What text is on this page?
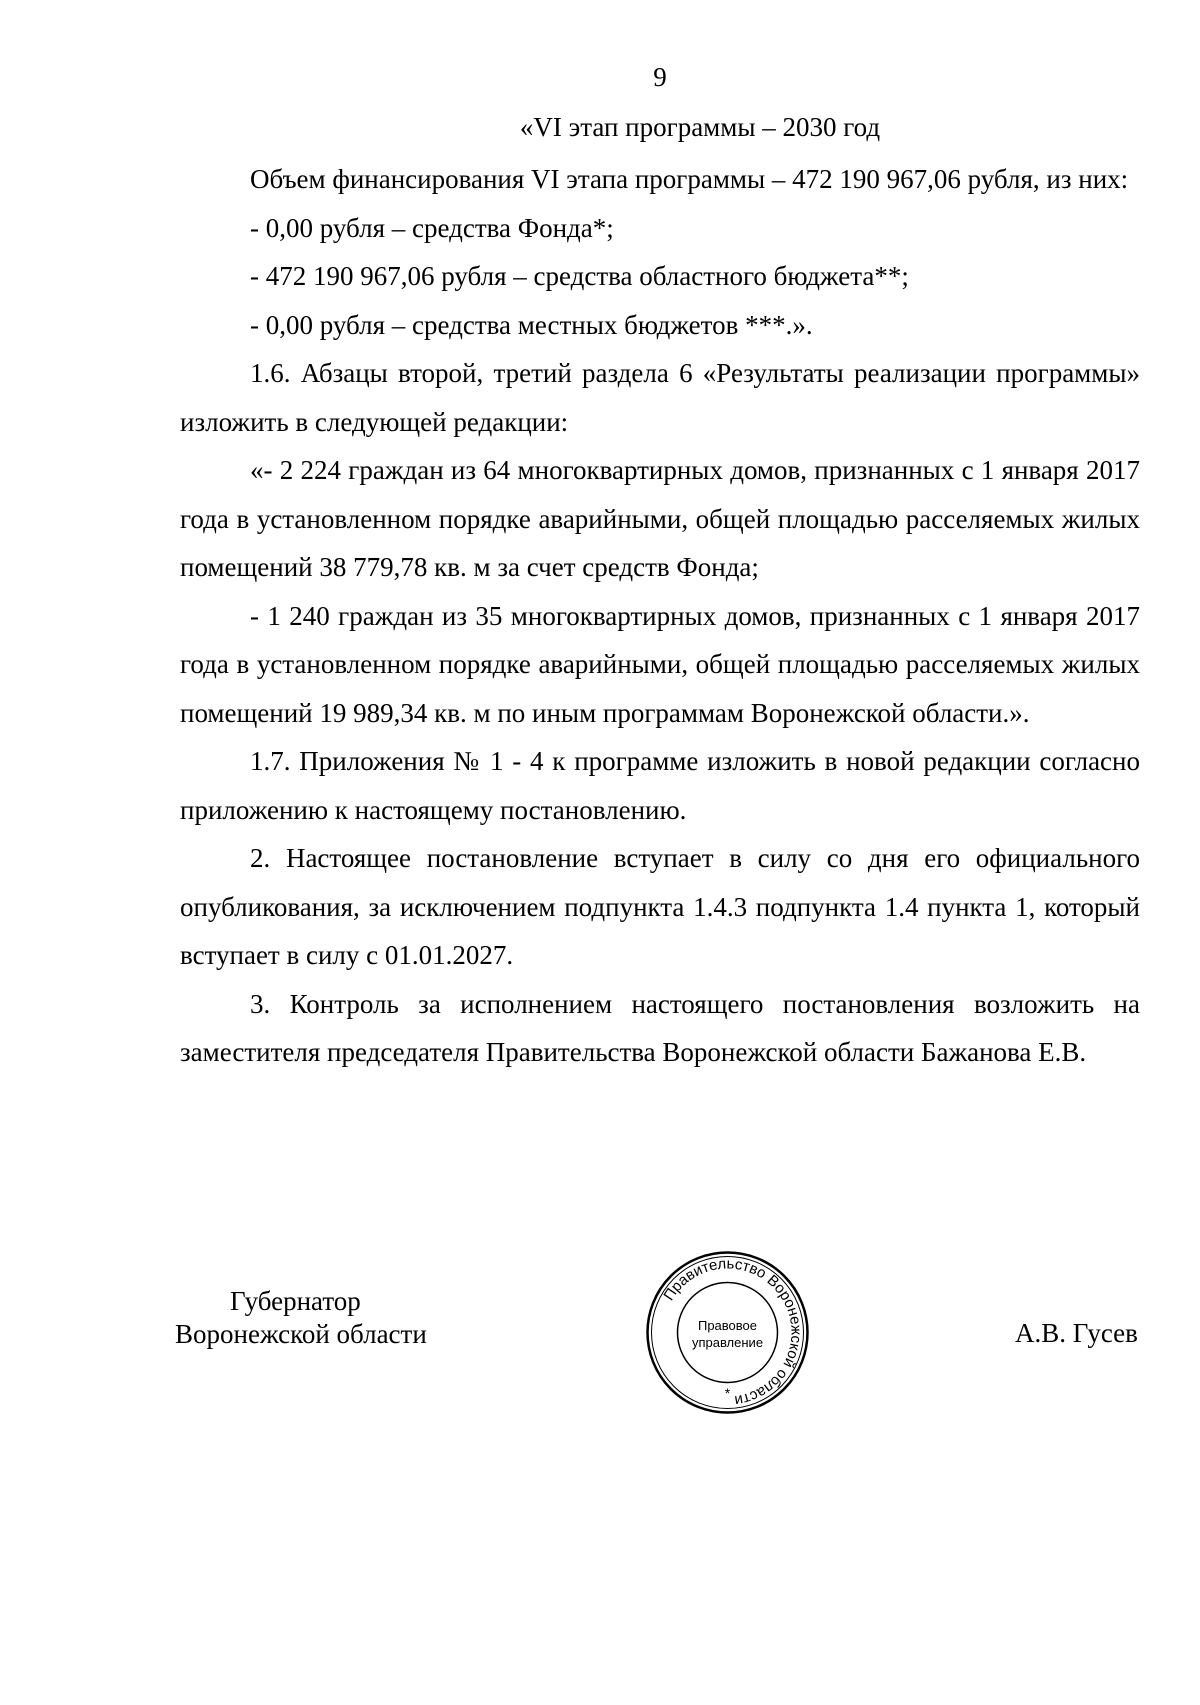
9
«VI этап программы – 2030 год

Объем финансирования VI этапа программы – 472 190 967,06 рубля, из них:

- 0,00 рубля – средства Фонда*;

- 472 190 967,06 рубля – средства областного бюджета**;

- 0,00 рубля – средства местных бюджетов ***.».

1.6. Абзацы второй, третий раздела 6 «Результаты реализации программы» изложить в следующей редакции:

«- 2 224 граждан из 64 многоквартирных домов, признанных с 1 января 2017 года в установленном порядке аварийными, общей площадью расселяемых жилых помещений 38 779,78 кв. м за счет средств Фонда;

- 1 240 граждан из 35 многоквартирных домов, признанных с 1 января 2017 года в установленном порядке аварийными, общей площадью расселяемых жилых помещений 19 989,34 кв. м по иным программам Воронежской области.».

1.7. Приложения № 1 - 4 к программе изложить в новой редакции согласно приложению к настоящему постановлению.

2. Настоящее постановление вступает в силу со дня его официального опубликования, за исключением подпункта 1.4.3 подпункта 1.4 пункта 1, который вступает в силу с 01.01.2027.

3. Контроль за исполнением настоящего постановления возложить на заместителя председателя Правительства Воронежской области Бажанова Е.В.

Губернатор
Воронежской области
Правительство Воронежской области
Правовое
управление
*
А.В. Гусев
